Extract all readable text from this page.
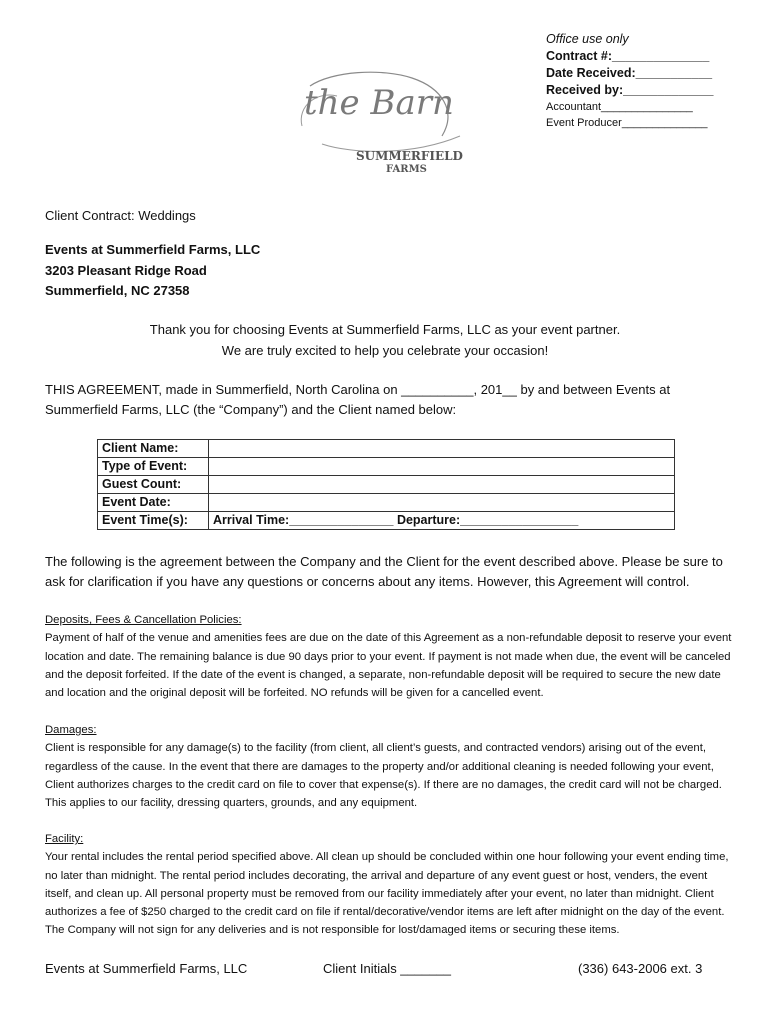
Office use only
Contract #:______________
Date Received:___________
Received by:_____________
Accountant_______________
Event Producer______________
the Barn
SUMMERFIELD
FARMS
Client Contract: Weddings
Events at Summerfield Farms, LLC
3203 Pleasant Ridge Road
Summerfield, NC 27358
Thank you for choosing Events at Summerfield Farms, LLC as your event partner.
We are truly excited to help you celebrate your occasion!
THIS AGREEMENT, made in Summerfield, North Carolina on __________, 201__ by and between Events at Summerfield Farms, LLC (the “Company”) and the Client named below:
Client Name:	
Type of Event:	
Guest Count:	
Event Date:	
Event Time(s):	Arrival Time:_______________ Departure:_________________
The following is the agreement between the Company and the Client for the event described above. Please be sure to ask for clarification if you have any questions or concerns about any items. However, this Agreement will control.
Deposits, Fees & Cancellation Policies:
Payment of half of the venue and amenities fees are due on the date of this Agreement as a non-refundable deposit to reserve your event location and date. The remaining balance is due 90 days prior to your event. If payment is not made when due, the event will be canceled and the deposit forfeited. If the date of the event is changed, a separate, non-refundable deposit will be required to secure the new date and location and the original deposit will be forfeited. NO refunds will be given for a cancelled event.
Damages:
Client is responsible for any damage(s) to the facility (from client, all client’s guests, and contracted vendors) arising out of the event, regardless of the cause. In the event that there are damages to the property and/or additional cleaning is needed following your event, Client authorizes charges to the credit card on file to cover that expense(s). If there are no damages, the credit card will not be charged. This applies to our facility, dressing quarters, grounds, and any equipment.
Facility:
Your rental includes the rental period specified above. All clean up should be concluded within one hour following your event ending time, no later than midnight. The rental period includes decorating, the arrival and departure of any event guest or host, venders, the event itself, and clean up. All personal property must be removed from our facility immediately after your event, no later than midnight. Client authorizes a fee of $250 charged to the credit card on file if rental/decorative/vendor items are left after midnight on the day of the event. The Company will not sign for any deliveries and is not responsible for lost/damaged items or securing these items.
Events at Summerfield Farms, LLC	Client Initials _______	(336) 643-2006 ext. 3
